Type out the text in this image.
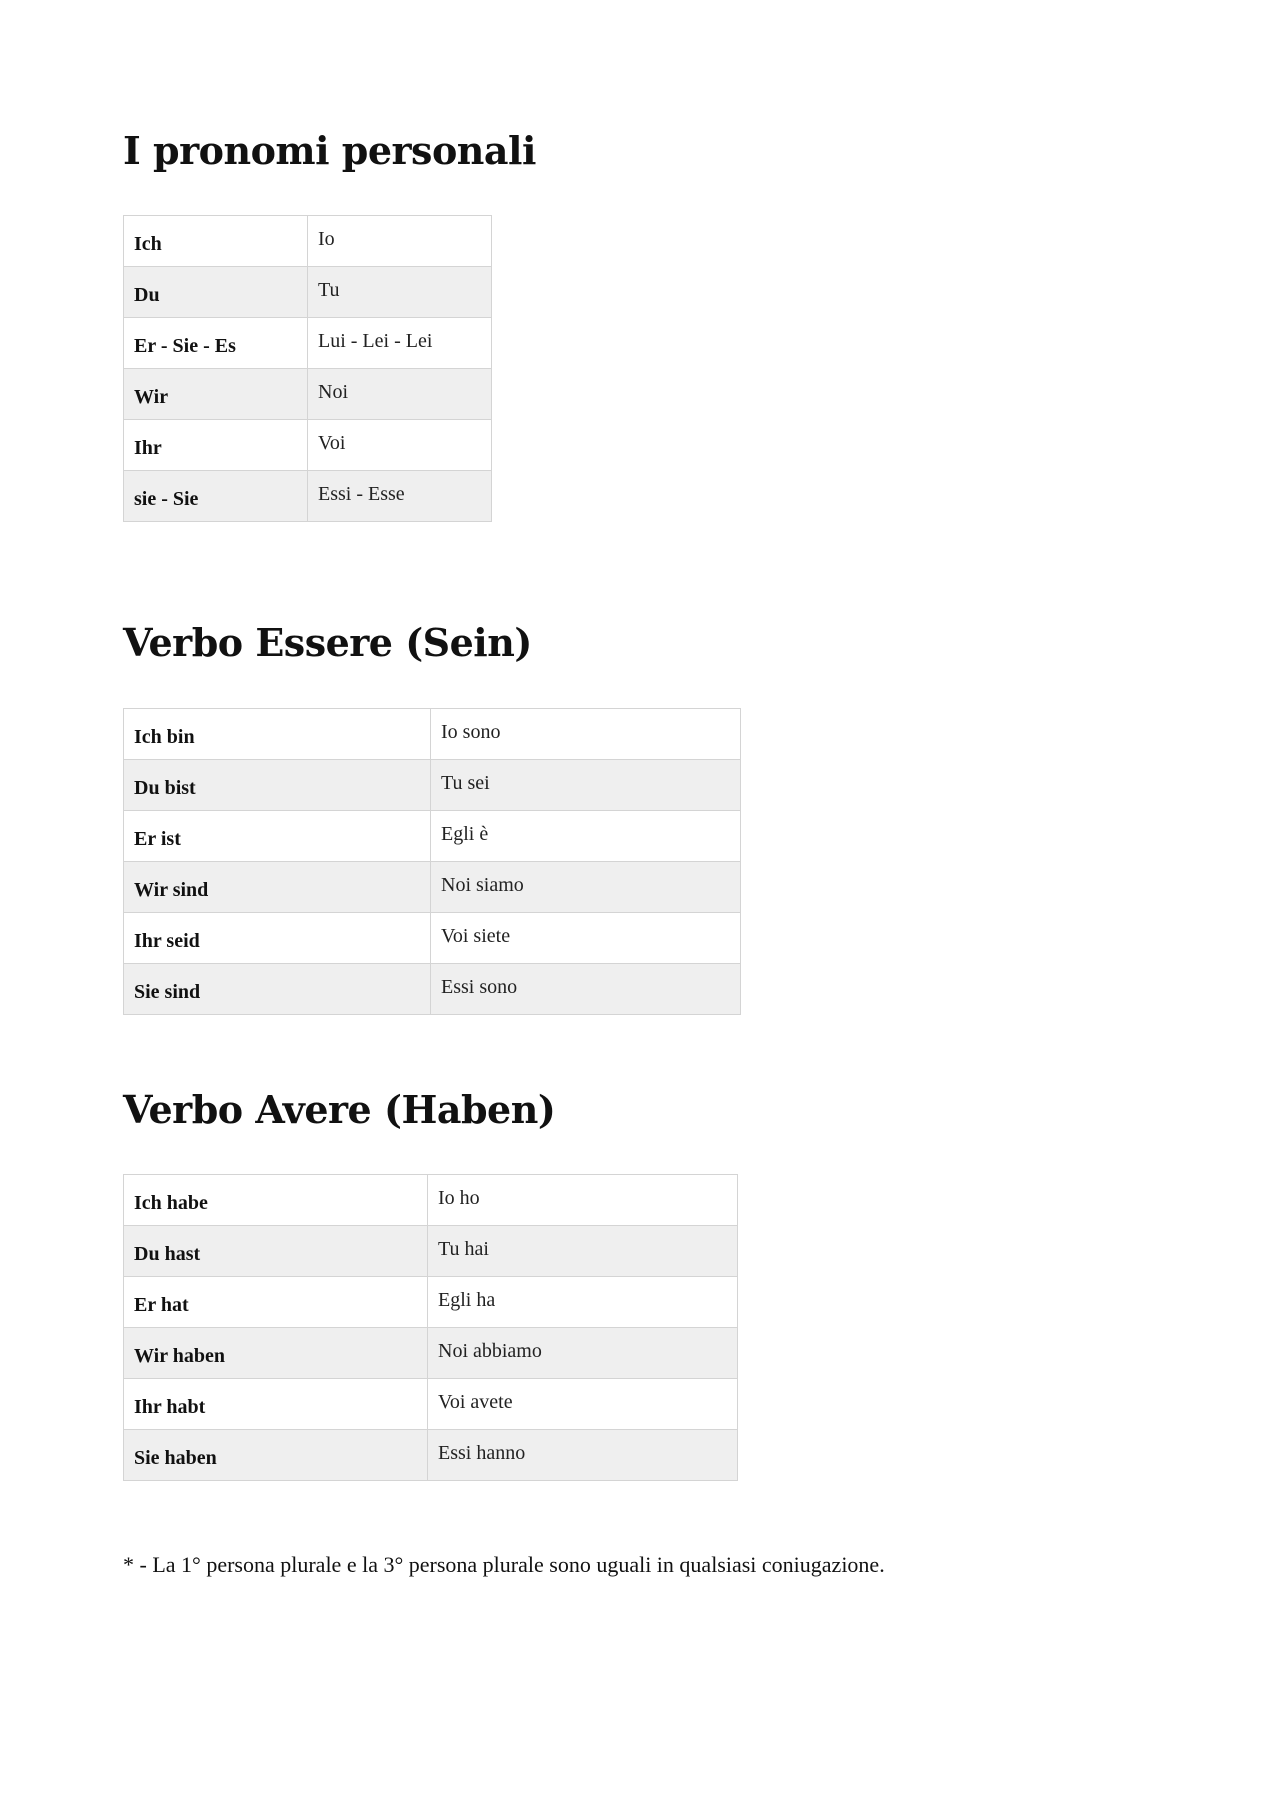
I pronomi personali
Ich	Io
Du	Tu
Er - Sie - Es	Lui - Lei - Lei
Wir	Noi
Ihr	Voi
sie - Sie	Essi - Esse
Verbo Essere (Sein)
Ich bin	Io sono
Du bist	Tu sei
Er ist	Egli è
Wir sind	Noi siamo
Ihr seid	Voi siete
Sie sind	Essi sono
Verbo Avere (Haben)
Ich habe	Io ho
Du hast	Tu hai
Er hat	Egli ha
Wir haben	Noi abbiamo
Ihr habt	Voi avete
Sie haben	Essi hanno

* - La 1° persona plurale e la 3° persona plurale sono uguali in qualsiasi coniugazione.
